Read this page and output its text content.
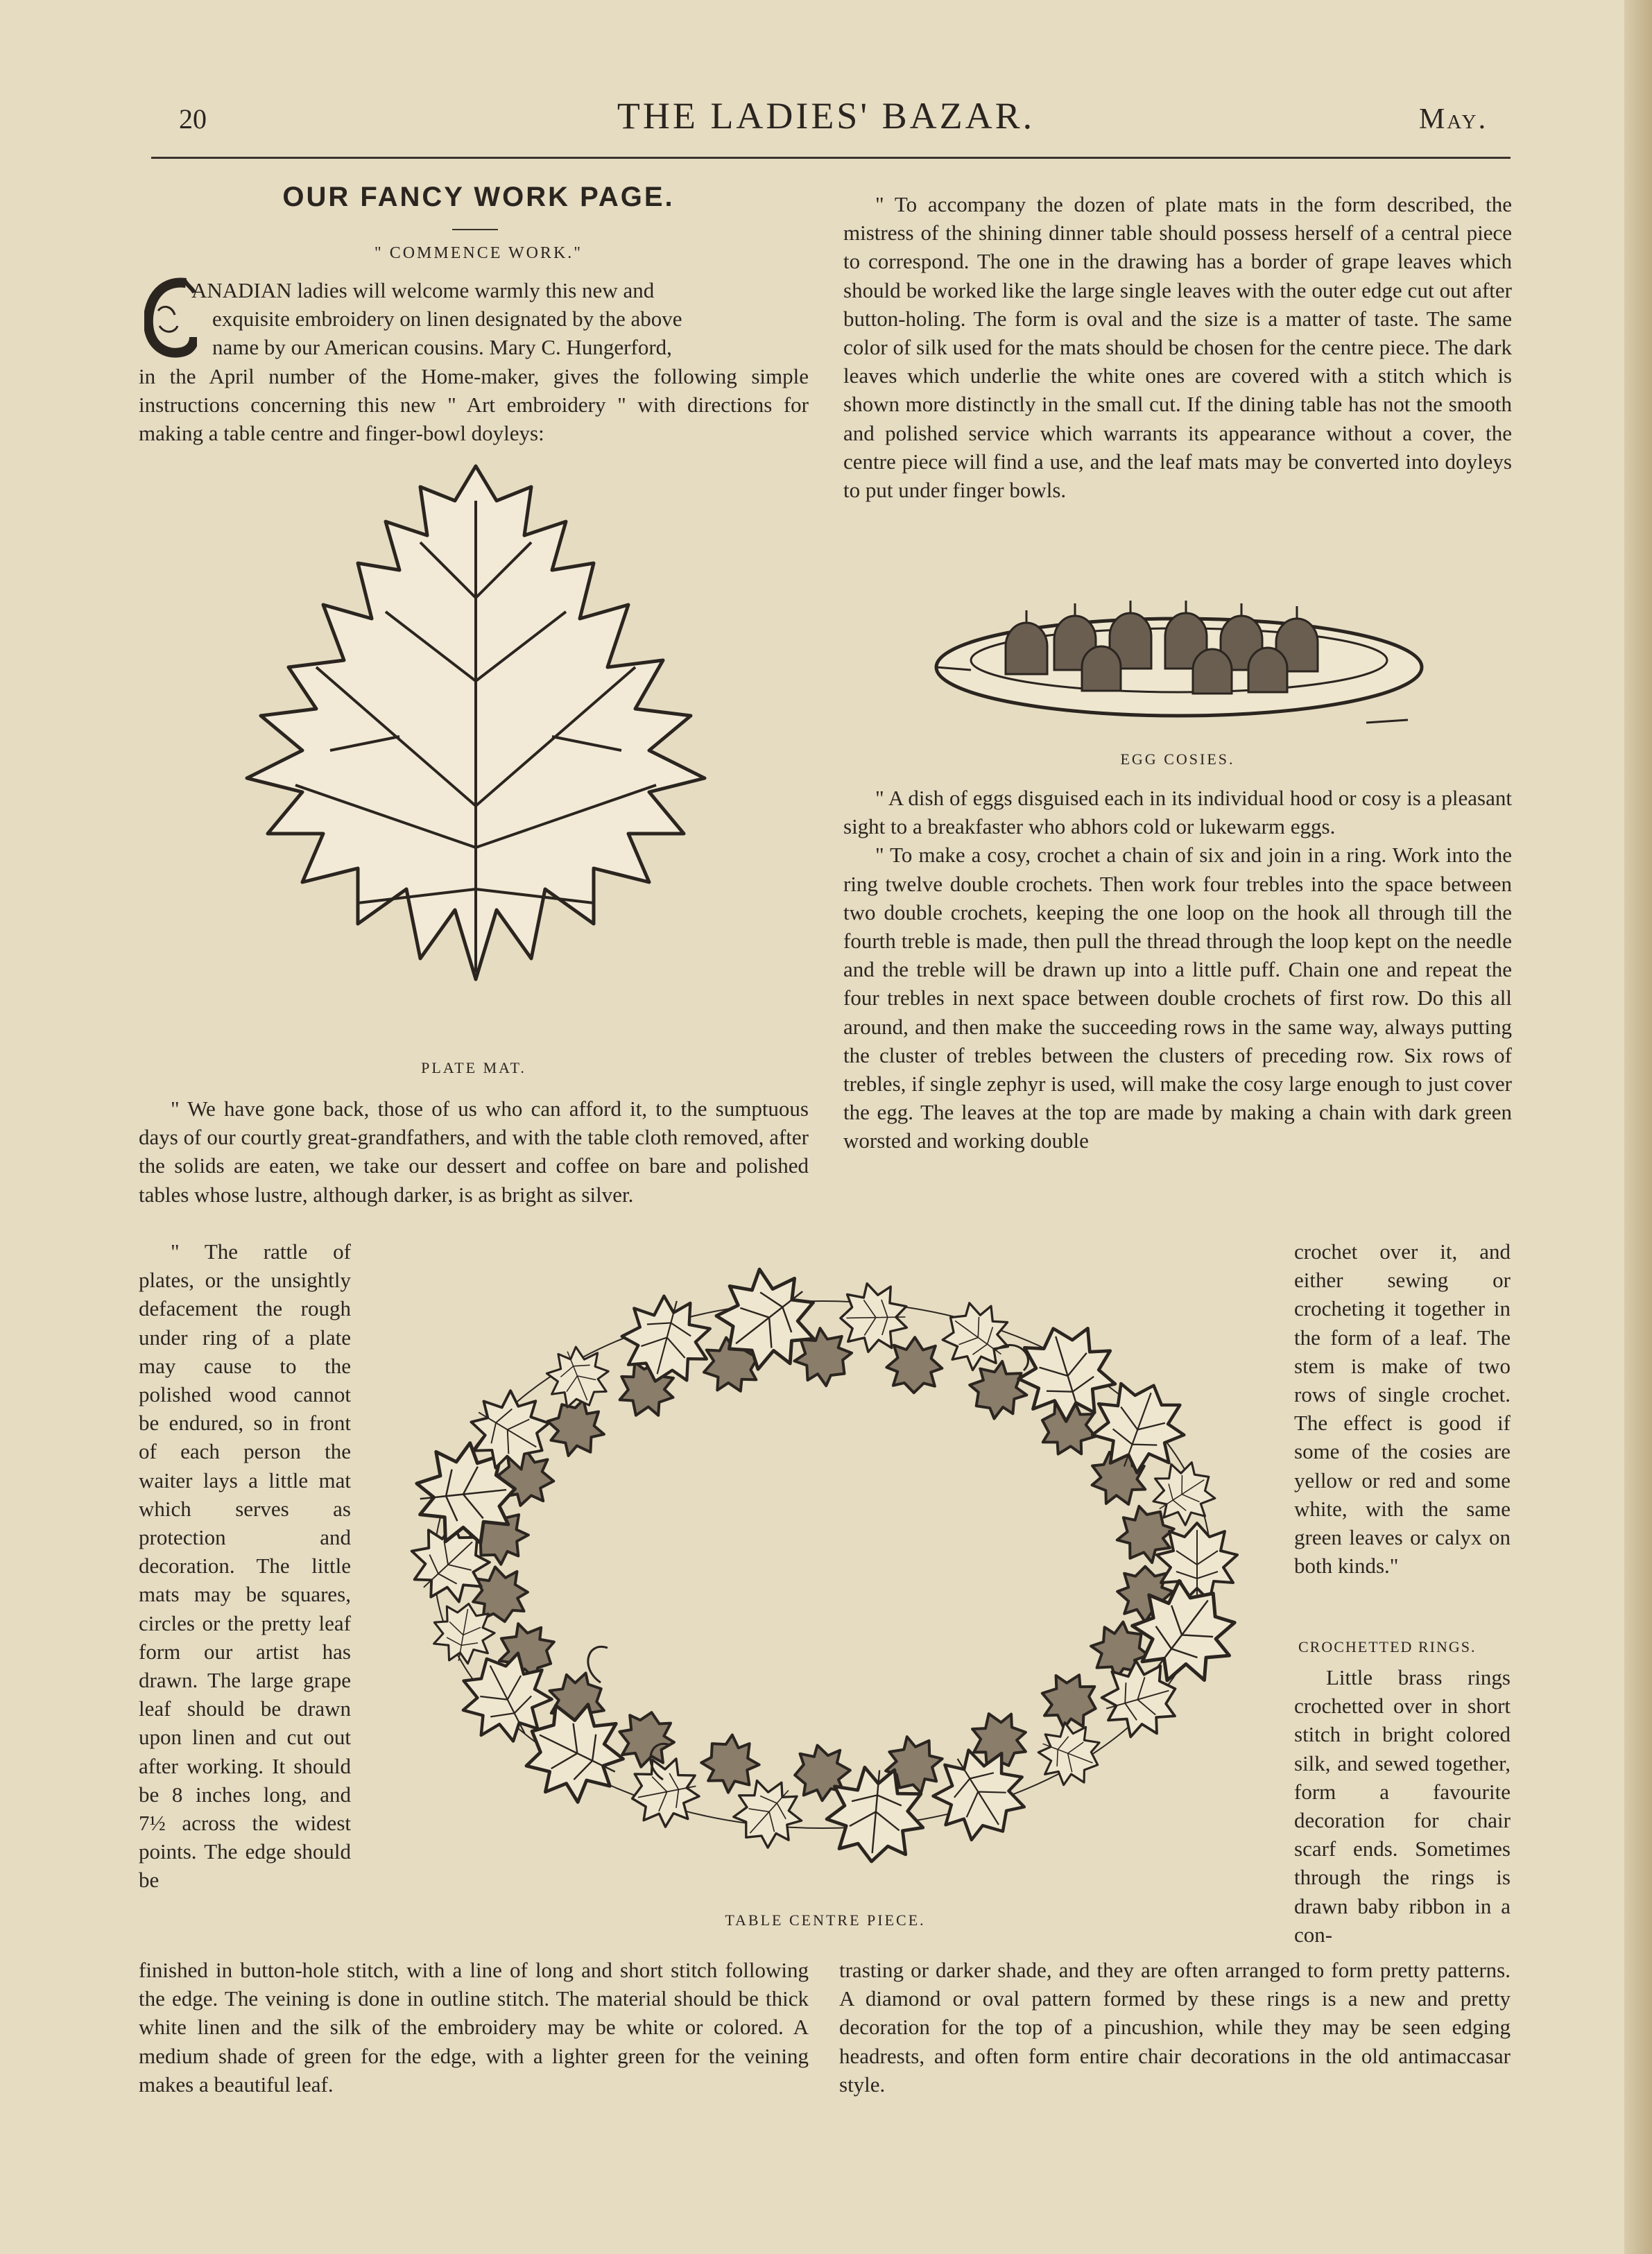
20	THE LADIES' BAZAR.	May.
OUR FANCY WORK PAGE.
" COMMENCE WORK."

ANADIAN ladies will welcome warmly this new and

exquisite embroidery on linen designated by the above

name by our American cousins. Mary C. Hungerford,

in the April number of the Home-maker, gives the following simple instructions concerning this new " Art embroidery " with directions for making a table centre and finger-bowl doyleys:

PLATE MAT.
" We have gone back, those of us who can afford it, to the sumptuous days of our courtly great-grandfathers, and with the table cloth removed, after the solids are eaten, we take our dessert and coffee on bare and polished tables whose lustre, although darker, is as bright as silver.
" The rattle of plates, or the unsightly defacement the rough under ring of a plate may cause to the polished wood cannot be endured, so in front of each person the waiter lays a little mat which serves as protection and decoration. The little mats may be squares, circles or the pretty leaf form our artist has drawn. The large grape leaf should be drawn upon linen and cut out after working. It should be 8 inches long, and 7½ across the widest points. The edge should be
TABLE CENTRE PIECE.
finished in button-hole stitch, with a line of long and short stitch following the edge. The veining is done in outline stitch. The material should be thick white linen and the silk of the embroidery may be white or colored. A medium shade of green for the edge, with a lighter green for the veining makes a beautiful leaf.
" To accompany the dozen of plate mats in the form described, the mistress of the shining dinner table should possess herself of a central piece to correspond. The one in the drawing has a border of grape leaves which should be worked like the large single leaves with the outer edge cut out after button-holing. The form is oval and the size is a matter of taste. The same color of silk used for the mats should be chosen for the centre piece. The dark leaves which underlie the white ones are covered with a stitch which is shown more distinctly in the small cut. If the dining table has not the smooth and polished service which warrants its appearance without a cover, the centre piece will find a use, and the leaf mats may be converted into doyleys to put under finger bowls.
EGG COSIES.

" A dish of eggs disguised each in its individual hood or cosy is a pleasant sight to a breakfaster who abhors cold or lukewarm eggs.

" To make a cosy, crochet a chain of six and join in a ring. Work into the ring twelve double crochets. Then work four trebles into the space between two double crochets, keeping the one loop on the hook all through till the fourth treble is made, then pull the thread through the loop kept on the needle and the treble will be drawn up into a little puff. Chain one and repeat the four trebles in next space between double crochets of first row. Do this all around, and then make the succeeding rows in the same way, always putting the cluster of trebles between the clusters of preceding row. Six rows of trebles, if single zephyr is used, will make the cosy large enough to just cover the egg. The leaves at the top are made by making a chain with dark green worsted and working double

crochet over it, and either sewing or crocheting it together in the form of a leaf. The stem is make of two rows of single crochet. The effect is good if some of the cosies are yellow or red and some white, with the same green leaves or calyx on both kinds."
CROCHETTED RINGS.
Little brass rings crochetted over in short stitch in bright colored silk, and sewed together, form a favourite decoration for chair scarf ends. Sometimes through the rings is drawn baby ribbon in a con-
trasting or darker shade, and they are often arranged to form pretty patterns. A diamond or oval pattern formed by these rings is a new and pretty decoration for the top of a pincushion, while they may be seen edging headrests, and often form entire chair decorations in the old antimaccasar style.
